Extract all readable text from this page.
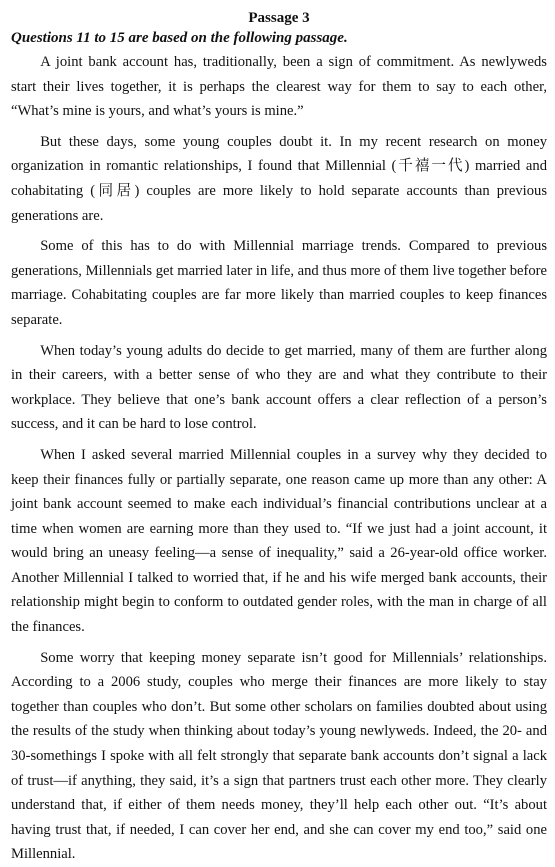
Passage 3

Questions 11 to 15 are based on the following passage.

A joint bank account has, traditionally, been a sign of commitment. As newlyweds start their lives together, it is perhaps the clearest way for them to say to each other, “What’s mine is yours, and what’s yours is mine.”

But these days, some young couples doubt it. In my recent research on money organization in romantic relationships, I found that Millennial (千禧一代) married and cohabitating (同居) couples are more likely to hold separate accounts than previous generations are.

Some of this has to do with Millennial marriage trends. Compared to previous generations, Millennials get married later in life, and thus more of them live together before marriage. Cohabitating couples are far more likely than married couples to keep finances separate.

When today’s young adults do decide to get married, many of them are further along in their careers, with a better sense of who they are and what they contribute to their workplace. They believe that one’s bank account offers a clear reflection of a person’s success, and it can be hard to lose control.

When I asked several married Millennial couples in a survey why they decided to keep their finances fully or partially separate, one reason came up more than any other: A joint bank account seemed to make each individual’s financial contributions unclear at a time when women are earning more than they used to. “If we just had a joint account, it would bring an uneasy feeling—a sense of inequality,” said a 26-year-old office worker. Another Millennial I talked to worried that, if he and his wife merged bank accounts, their relationship might begin to conform to outdated gender roles, with the man in charge of all the finances.

Some worry that keeping money separate isn’t good for Millennials’ relationships. According to a 2006 study, couples who merge their finances are more likely to stay together than couples who don’t. But some other scholars on families doubted about using the results of the study when thinking about today’s young newlyweds. Indeed, the 20- and 30-somethings I spoke with all felt strongly that separate bank accounts don’t signal a lack of trust—if anything, they said, it’s a sign that partners trust each other more. They clearly understand that, if either of them needs money, they’ll help each other out. “It’s about having trust that, if needed, I can cover her end, and she can cover my end too,” said one Millennial.
